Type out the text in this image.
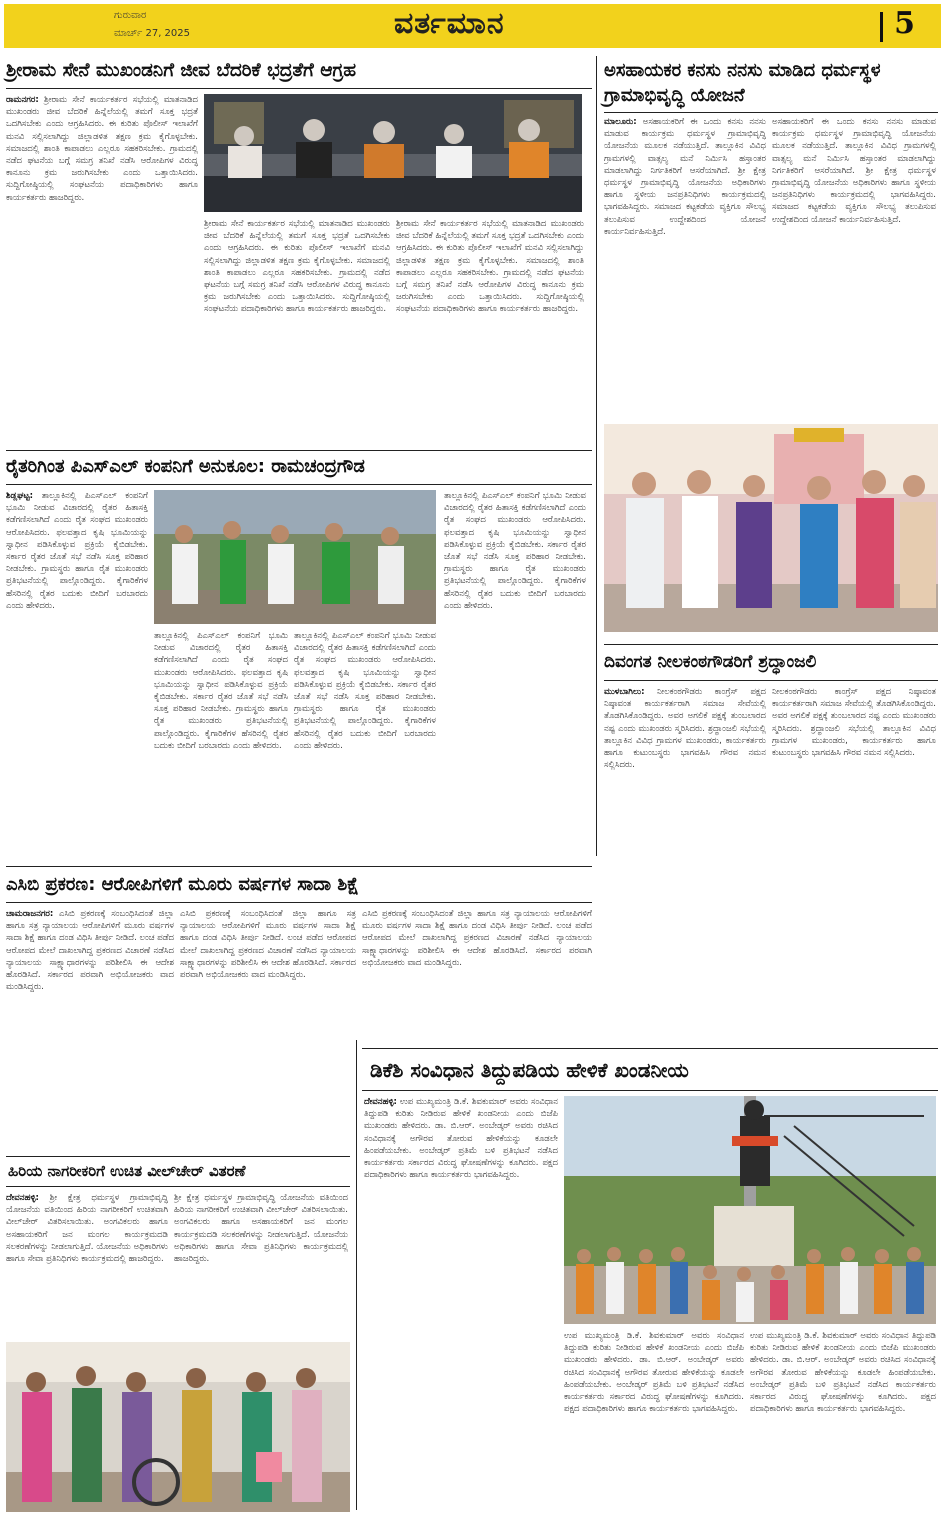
ಗುರುವಾರ
ಮಾರ್ಚ್ 27, 2025	ವರ್ತಮಾನ	5
ಶ್ರೀರಾಮ ಸೇನೆ ಮುಖಂಡನಿಗೆ ಜೀವ ಬೆದರಿಕೆ ಭದ್ರತೆಗೆ ಆಗ್ರಹ
ರಾಮನಗರ: ಶ್ರೀರಾಮ ಸೇನೆ ಕಾರ್ಯಕರ್ತರ ಸಭೆಯಲ್ಲಿ ಮಾತನಾಡಿದ ಮುಖಂಡರು ಜೀವ ಬೆದರಿಕೆ ಹಿನ್ನೆಲೆಯಲ್ಲಿ ತಮಗೆ ಸೂಕ್ತ ಭದ್ರತೆ ಒದಗಿಸಬೇಕು ಎಂದು ಆಗ್ರಹಿಸಿದರು. ಈ ಕುರಿತು ಪೊಲೀಸ್ ಇಲಾಖೆಗೆ ಮನವಿ ಸಲ್ಲಿಸಲಾಗಿದ್ದು ಜಿಲ್ಲಾಡಳಿತ ತಕ್ಷಣ ಕ್ರಮ ಕೈಗೊಳ್ಳಬೇಕು. ಸಮಾಜದಲ್ಲಿ ಶಾಂತಿ ಕಾಪಾಡಲು ಎಲ್ಲರೂ ಸಹಕರಿಸಬೇಕು. ಗ್ರಾಮದಲ್ಲಿ ನಡೆದ ಘಟನೆಯ ಬಗ್ಗೆ ಸಮಗ್ರ ತನಿಖೆ ನಡೆಸಿ ಆರೋಪಿಗಳ ವಿರುದ್ಧ ಕಾನೂನು ಕ್ರಮ ಜರುಗಿಸಬೇಕು ಎಂದು ಒತ್ತಾಯಿಸಿದರು. ಸುದ್ದಿಗೋಷ್ಠಿಯಲ್ಲಿ ಸಂಘಟನೆಯ ಪದಾಧಿಕಾರಿಗಳು ಹಾಗೂ ಕಾರ್ಯಕರ್ತರು ಹಾಜರಿದ್ದರು.
ಶ್ರೀರಾಮ ಸೇನೆ ಕಾರ್ಯಕರ್ತರ ಸಭೆಯಲ್ಲಿ ಮಾತನಾಡಿದ ಮುಖಂಡರು ಜೀವ ಬೆದರಿಕೆ ಹಿನ್ನೆಲೆಯಲ್ಲಿ ತಮಗೆ ಸೂಕ್ತ ಭದ್ರತೆ ಒದಗಿಸಬೇಕು ಎಂದು ಆಗ್ರಹಿಸಿದರು. ಈ ಕುರಿತು ಪೊಲೀಸ್ ಇಲಾಖೆಗೆ ಮನವಿ ಸಲ್ಲಿಸಲಾಗಿದ್ದು ಜಿಲ್ಲಾಡಳಿತ ತಕ್ಷಣ ಕ್ರಮ ಕೈಗೊಳ್ಳಬೇಕು. ಸಮಾಜದಲ್ಲಿ ಶಾಂತಿ ಕಾಪಾಡಲು ಎಲ್ಲರೂ ಸಹಕರಿಸಬೇಕು. ಗ್ರಾಮದಲ್ಲಿ ನಡೆದ ಘಟನೆಯ ಬಗ್ಗೆ ಸಮಗ್ರ ತನಿಖೆ ನಡೆಸಿ ಆರೋಪಿಗಳ ವಿರುದ್ಧ ಕಾನೂನು ಕ್ರಮ ಜರುಗಿಸಬೇಕು ಎಂದು ಒತ್ತಾಯಿಸಿದರು. ಸುದ್ದಿಗೋಷ್ಠಿಯಲ್ಲಿ ಸಂಘಟನೆಯ ಪದಾಧಿಕಾರಿಗಳು ಹಾಗೂ ಕಾರ್ಯಕರ್ತರು ಹಾಜರಿದ್ದರು.
ಶ್ರೀರಾಮ ಸೇನೆ ಕಾರ್ಯಕರ್ತರ ಸಭೆಯಲ್ಲಿ ಮಾತನಾಡಿದ ಮುಖಂಡರು ಜೀವ ಬೆದರಿಕೆ ಹಿನ್ನೆಲೆಯಲ್ಲಿ ತಮಗೆ ಸೂಕ್ತ ಭದ್ರತೆ ಒದಗಿಸಬೇಕು ಎಂದು ಆಗ್ರಹಿಸಿದರು. ಈ ಕುರಿತು ಪೊಲೀಸ್ ಇಲಾಖೆಗೆ ಮನವಿ ಸಲ್ಲಿಸಲಾಗಿದ್ದು ಜಿಲ್ಲಾಡಳಿತ ತಕ್ಷಣ ಕ್ರಮ ಕೈಗೊಳ್ಳಬೇಕು. ಸಮಾಜದಲ್ಲಿ ಶಾಂತಿ ಕಾಪಾಡಲು ಎಲ್ಲರೂ ಸಹಕರಿಸಬೇಕು. ಗ್ರಾಮದಲ್ಲಿ ನಡೆದ ಘಟನೆಯ ಬಗ್ಗೆ ಸಮಗ್ರ ತನಿಖೆ ನಡೆಸಿ ಆರೋಪಿಗಳ ವಿರುದ್ಧ ಕಾನೂನು ಕ್ರಮ ಜರುಗಿಸಬೇಕು ಎಂದು ಒತ್ತಾಯಿಸಿದರು. ಸುದ್ದಿಗೋಷ್ಠಿಯಲ್ಲಿ ಸಂಘಟನೆಯ ಪದಾಧಿಕಾರಿಗಳು ಹಾಗೂ ಕಾರ್ಯಕರ್ತರು ಹಾಜರಿದ್ದರು.
ಅಸಹಾಯಕರ ಕನಸು ನನಸು ಮಾಡಿದ ಧರ್ಮಸ್ಥಳ ಗ್ರಾಮಾಭಿವೃದ್ಧಿ ಯೋಜನೆ
ಮಾಲೂರು: ಅಸಹಾಯಕರಿಗೆ ಈ ಒಂದು ಕನಸು ನನಸು ಮಾಡುವ ಕಾರ್ಯಕ್ರಮ ಧರ್ಮಸ್ಥಳ ಗ್ರಾಮಾಭಿವೃದ್ಧಿ ಯೋಜನೆಯ ಮೂಲಕ ನಡೆಯುತ್ತಿದೆ. ತಾಲ್ಲೂಕಿನ ವಿವಿಧ ಗ್ರಾಮಗಳಲ್ಲಿ ವಾತ್ಸಲ್ಯ ಮನೆ ನಿರ್ಮಿಸಿ ಹಸ್ತಾಂತರ ಮಾಡಲಾಗಿದ್ದು ನಿರ್ಗತಿಕರಿಗೆ ಆಸರೆಯಾಗಿದೆ. ಶ್ರೀ ಕ್ಷೇತ್ರ ಧರ್ಮಸ್ಥಳ ಗ್ರಾಮಾಭಿವೃದ್ಧಿ ಯೋಜನೆಯ ಅಧಿಕಾರಿಗಳು ಹಾಗೂ ಸ್ಥಳೀಯ ಜನಪ್ರತಿನಿಧಿಗಳು ಕಾರ್ಯಕ್ರಮದಲ್ಲಿ ಭಾಗವಹಿಸಿದ್ದರು. ಸಮಾಜದ ಕಟ್ಟಕಡೆಯ ವ್ಯಕ್ತಿಗೂ ಸೌಲಭ್ಯ ತಲುಪಿಸುವ ಉದ್ದೇಶದಿಂದ ಯೋಜನೆ ಕಾರ್ಯನಿರ್ವಹಿಸುತ್ತಿದೆ.
ಅಸಹಾಯಕರಿಗೆ ಈ ಒಂದು ಕನಸು ನನಸು ಮಾಡುವ ಕಾರ್ಯಕ್ರಮ ಧರ್ಮಸ್ಥಳ ಗ್ರಾಮಾಭಿವೃದ್ಧಿ ಯೋಜನೆಯ ಮೂಲಕ ನಡೆಯುತ್ತಿದೆ. ತಾಲ್ಲೂಕಿನ ವಿವಿಧ ಗ್ರಾಮಗಳಲ್ಲಿ ವಾತ್ಸಲ್ಯ ಮನೆ ನಿರ್ಮಿಸಿ ಹಸ್ತಾಂತರ ಮಾಡಲಾಗಿದ್ದು ನಿರ್ಗತಿಕರಿಗೆ ಆಸರೆಯಾಗಿದೆ. ಶ್ರೀ ಕ್ಷೇತ್ರ ಧರ್ಮಸ್ಥಳ ಗ್ರಾಮಾಭಿವೃದ್ಧಿ ಯೋಜನೆಯ ಅಧಿಕಾರಿಗಳು ಹಾಗೂ ಸ್ಥಳೀಯ ಜನಪ್ರತಿನಿಧಿಗಳು ಕಾರ್ಯಕ್ರಮದಲ್ಲಿ ಭಾಗವಹಿಸಿದ್ದರು. ಸಮಾಜದ ಕಟ್ಟಕಡೆಯ ವ್ಯಕ್ತಿಗೂ ಸೌಲಭ್ಯ ತಲುಪಿಸುವ ಉದ್ದೇಶದಿಂದ ಯೋಜನೆ ಕಾರ್ಯನಿರ್ವಹಿಸುತ್ತಿದೆ.
ರೈತರಿಗಿಂತ ಪಿಎಸ್ಎಲ್ ಕಂಪನಿಗೆ ಅನುಕೂಲ: ರಾಮಚಂದ್ರಗೌಡ
ಶಿಡ್ಲಘಟ್ಟ: ತಾಲ್ಲೂಕಿನಲ್ಲಿ ಪಿಎಸ್ಎಲ್ ಕಂಪನಿಗೆ ಭೂಮಿ ನೀಡುವ ವಿಚಾರದಲ್ಲಿ ರೈತರ ಹಿತಾಸಕ್ತಿ ಕಡೆಗಣಿಸಲಾಗಿದೆ ಎಂದು ರೈತ ಸಂಘದ ಮುಖಂಡರು ಆರೋಪಿಸಿದರು. ಫಲವತ್ತಾದ ಕೃಷಿ ಭೂಮಿಯನ್ನು ಸ್ವಾಧೀನ ಪಡಿಸಿಕೊಳ್ಳುವ ಪ್ರಕ್ರಿಯೆ ಕೈಬಿಡಬೇಕು. ಸರ್ಕಾರ ರೈತರ ಜೊತೆ ಸಭೆ ನಡೆಸಿ ಸೂಕ್ತ ಪರಿಹಾರ ನೀಡಬೇಕು. ಗ್ರಾಮಸ್ಥರು ಹಾಗೂ ರೈತ ಮುಖಂಡರು ಪ್ರತಿಭಟನೆಯಲ್ಲಿ ಪಾಲ್ಗೊಂಡಿದ್ದರು. ಕೈಗಾರಿಕೆಗಳ ಹೆಸರಿನಲ್ಲಿ ರೈತರ ಬದುಕು ಬೀದಿಗೆ ಬರಬಾರದು ಎಂದು ಹೇಳಿದರು.
ತಾಲ್ಲೂಕಿನಲ್ಲಿ ಪಿಎಸ್ಎಲ್ ಕಂಪನಿಗೆ ಭೂಮಿ ನೀಡುವ ವಿಚಾರದಲ್ಲಿ ರೈತರ ಹಿತಾಸಕ್ತಿ ಕಡೆಗಣಿಸಲಾಗಿದೆ ಎಂದು ರೈತ ಸಂಘದ ಮುಖಂಡರು ಆರೋಪಿಸಿದರು. ಫಲವತ್ತಾದ ಕೃಷಿ ಭೂಮಿಯನ್ನು ಸ್ವಾಧೀನ ಪಡಿಸಿಕೊಳ್ಳುವ ಪ್ರಕ್ರಿಯೆ ಕೈಬಿಡಬೇಕು. ಸರ್ಕಾರ ರೈತರ ಜೊತೆ ಸಭೆ ನಡೆಸಿ ಸೂಕ್ತ ಪರಿಹಾರ ನೀಡಬೇಕು. ಗ್ರಾಮಸ್ಥರು ಹಾಗೂ ರೈತ ಮುಖಂಡರು ಪ್ರತಿಭಟನೆಯಲ್ಲಿ ಪಾಲ್ಗೊಂಡಿದ್ದರು. ಕೈಗಾರಿಕೆಗಳ ಹೆಸರಿನಲ್ಲಿ ರೈತರ ಬದುಕು ಬೀದಿಗೆ ಬರಬಾರದು ಎಂದು ಹೇಳಿದರು.
ತಾಲ್ಲೂಕಿನಲ್ಲಿ ಪಿಎಸ್ಎಲ್ ಕಂಪನಿಗೆ ಭೂಮಿ ನೀಡುವ ವಿಚಾರದಲ್ಲಿ ರೈತರ ಹಿತಾಸಕ್ತಿ ಕಡೆಗಣಿಸಲಾಗಿದೆ ಎಂದು ರೈತ ಸಂಘದ ಮುಖಂಡರು ಆರೋಪಿಸಿದರು. ಫಲವತ್ತಾದ ಕೃಷಿ ಭೂಮಿಯನ್ನು ಸ್ವಾಧೀನ ಪಡಿಸಿಕೊಳ್ಳುವ ಪ್ರಕ್ರಿಯೆ ಕೈಬಿಡಬೇಕು. ಸರ್ಕಾರ ರೈತರ ಜೊತೆ ಸಭೆ ನಡೆಸಿ ಸೂಕ್ತ ಪರಿಹಾರ ನೀಡಬೇಕು. ಗ್ರಾಮಸ್ಥರು ಹಾಗೂ ರೈತ ಮುಖಂಡರು ಪ್ರತಿಭಟನೆಯಲ್ಲಿ ಪಾಲ್ಗೊಂಡಿದ್ದರು. ಕೈಗಾರಿಕೆಗಳ ಹೆಸರಿನಲ್ಲಿ ರೈತರ ಬದುಕು ಬೀದಿಗೆ ಬರಬಾರದು ಎಂದು ಹೇಳಿದರು.
ತಾಲ್ಲೂಕಿನಲ್ಲಿ ಪಿಎಸ್ಎಲ್ ಕಂಪನಿಗೆ ಭೂಮಿ ನೀಡುವ ವಿಚಾರದಲ್ಲಿ ರೈತರ ಹಿತಾಸಕ್ತಿ ಕಡೆಗಣಿಸಲಾಗಿದೆ ಎಂದು ರೈತ ಸಂಘದ ಮುಖಂಡರು ಆರೋಪಿಸಿದರು. ಫಲವತ್ತಾದ ಕೃಷಿ ಭೂಮಿಯನ್ನು ಸ್ವಾಧೀನ ಪಡಿಸಿಕೊಳ್ಳುವ ಪ್ರಕ್ರಿಯೆ ಕೈಬಿಡಬೇಕು. ಸರ್ಕಾರ ರೈತರ ಜೊತೆ ಸಭೆ ನಡೆಸಿ ಸೂಕ್ತ ಪರಿಹಾರ ನೀಡಬೇಕು. ಗ್ರಾಮಸ್ಥರು ಹಾಗೂ ರೈತ ಮುಖಂಡರು ಪ್ರತಿಭಟನೆಯಲ್ಲಿ ಪಾಲ್ಗೊಂಡಿದ್ದರು. ಕೈಗಾರಿಕೆಗಳ ಹೆಸರಿನಲ್ಲಿ ರೈತರ ಬದುಕು ಬೀದಿಗೆ ಬರಬಾರದು ಎಂದು ಹೇಳಿದರು.
ದಿವಂಗತ ನೀಲಕಂಠಗೌಡರಿಗೆ ಶ್ರದ್ಧಾಂಜಲಿ
ಮುಳಬಾಗಿಲು: ನೀಲಕಂಠಗೌಡರು ಕಾಂಗ್ರೆಸ್ ಪಕ್ಷದ ನಿಷ್ಠಾವಂತ ಕಾರ್ಯಕರ್ತರಾಗಿ ಸಮಾಜ ಸೇವೆಯಲ್ಲಿ ತೊಡಗಿಸಿಕೊಂಡಿದ್ದರು. ಅವರ ಅಗಲಿಕೆ ಪಕ್ಷಕ್ಕೆ ತುಂಬಲಾರದ ನಷ್ಟ ಎಂದು ಮುಖಂಡರು ಸ್ಮರಿಸಿದರು. ಶ್ರದ್ಧಾಂಜಲಿ ಸಭೆಯಲ್ಲಿ ತಾಲ್ಲೂಕಿನ ವಿವಿಧ ಗ್ರಾಮಗಳ ಮುಖಂಡರು, ಕಾರ್ಯಕರ್ತರು ಹಾಗೂ ಕುಟುಂಬಸ್ಥರು ಭಾಗವಹಿಸಿ ಗೌರವ ನಮನ ಸಲ್ಲಿಸಿದರು.
ನೀಲಕಂಠಗೌಡರು ಕಾಂಗ್ರೆಸ್ ಪಕ್ಷದ ನಿಷ್ಠಾವಂತ ಕಾರ್ಯಕರ್ತರಾಗಿ ಸಮಾಜ ಸೇವೆಯಲ್ಲಿ ತೊಡಗಿಸಿಕೊಂಡಿದ್ದರು. ಅವರ ಅಗಲಿಕೆ ಪಕ್ಷಕ್ಕೆ ತುಂಬಲಾರದ ನಷ್ಟ ಎಂದು ಮುಖಂಡರು ಸ್ಮರಿಸಿದರು. ಶ್ರದ್ಧಾಂಜಲಿ ಸಭೆಯಲ್ಲಿ ತಾಲ್ಲೂಕಿನ ವಿವಿಧ ಗ್ರಾಮಗಳ ಮುಖಂಡರು, ಕಾರ್ಯಕರ್ತರು ಹಾಗೂ ಕುಟುಂಬಸ್ಥರು ಭಾಗವಹಿಸಿ ಗೌರವ ನಮನ ಸಲ್ಲಿಸಿದರು.
ಎಸಿಬಿ ಪ್ರಕರಣ: ಆರೋಪಿಗಳಿಗೆ ಮೂರು ವರ್ಷಗಳ ಸಾದಾ ಶಿಕ್ಷೆ
ಚಾಮರಾಜನಗರ: ಎಸಿಬಿ ಪ್ರಕರಣಕ್ಕೆ ಸಂಬಂಧಿಸಿದಂತೆ ಜಿಲ್ಲಾ ಹಾಗೂ ಸತ್ರ ನ್ಯಾಯಾಲಯ ಆರೋಪಿಗಳಿಗೆ ಮೂರು ವರ್ಷಗಳ ಸಾದಾ ಶಿಕ್ಷೆ ಹಾಗೂ ದಂಡ ವಿಧಿಸಿ ತೀರ್ಪು ನೀಡಿದೆ. ಲಂಚ ಪಡೆದ ಆರೋಪದ ಮೇಲೆ ದಾಖಲಾಗಿದ್ದ ಪ್ರಕರಣದ ವಿಚಾರಣೆ ನಡೆಸಿದ ನ್ಯಾಯಾಲಯ ಸಾಕ್ಷ್ಯಾಧಾರಗಳನ್ನು ಪರಿಶೀಲಿಸಿ ಈ ಆದೇಶ ಹೊರಡಿಸಿದೆ. ಸರ್ಕಾರದ ಪರವಾಗಿ ಅಭಿಯೋಜಕರು ವಾದ ಮಂಡಿಸಿದ್ದರು.
ಎಸಿಬಿ ಪ್ರಕರಣಕ್ಕೆ ಸಂಬಂಧಿಸಿದಂತೆ ಜಿಲ್ಲಾ ಹಾಗೂ ಸತ್ರ ನ್ಯಾಯಾಲಯ ಆರೋಪಿಗಳಿಗೆ ಮೂರು ವರ್ಷಗಳ ಸಾದಾ ಶಿಕ್ಷೆ ಹಾಗೂ ದಂಡ ವಿಧಿಸಿ ತೀರ್ಪು ನೀಡಿದೆ. ಲಂಚ ಪಡೆದ ಆರೋಪದ ಮೇಲೆ ದಾಖಲಾಗಿದ್ದ ಪ್ರಕರಣದ ವಿಚಾರಣೆ ನಡೆಸಿದ ನ್ಯಾಯಾಲಯ ಸಾಕ್ಷ್ಯಾಧಾರಗಳನ್ನು ಪರಿಶೀಲಿಸಿ ಈ ಆದೇಶ ಹೊರಡಿಸಿದೆ. ಸರ್ಕಾರದ ಪರವಾಗಿ ಅಭಿಯೋಜಕರು ವಾದ ಮಂಡಿಸಿದ್ದರು.
ಎಸಿಬಿ ಪ್ರಕರಣಕ್ಕೆ ಸಂಬಂಧಿಸಿದಂತೆ ಜಿಲ್ಲಾ ಹಾಗೂ ಸತ್ರ ನ್ಯಾಯಾಲಯ ಆರೋಪಿಗಳಿಗೆ ಮೂರು ವರ್ಷಗಳ ಸಾದಾ ಶಿಕ್ಷೆ ಹಾಗೂ ದಂಡ ವಿಧಿಸಿ ತೀರ್ಪು ನೀಡಿದೆ. ಲಂಚ ಪಡೆದ ಆರೋಪದ ಮೇಲೆ ದಾಖಲಾಗಿದ್ದ ಪ್ರಕರಣದ ವಿಚಾರಣೆ ನಡೆಸಿದ ನ್ಯಾಯಾಲಯ ಸಾಕ್ಷ್ಯಾಧಾರಗಳನ್ನು ಪರಿಶೀಲಿಸಿ ಈ ಆದೇಶ ಹೊರಡಿಸಿದೆ. ಸರ್ಕಾರದ ಪರವಾಗಿ ಅಭಿಯೋಜಕರು ವಾದ ಮಂಡಿಸಿದ್ದರು.
ಡಿಕೆಶಿ ಸಂವಿಧಾನ ತಿದ್ದುಪಡಿಯ ಹೇಳಿಕೆ ಖಂಡನೀಯ
ದೇವನಹಳ್ಳಿ: ಉಪ ಮುಖ್ಯಮಂತ್ರಿ ಡಿ.ಕೆ. ಶಿವಕುಮಾರ್ ಅವರು ಸಂವಿಧಾನ ತಿದ್ದುಪಡಿ ಕುರಿತು ನೀಡಿರುವ ಹೇಳಿಕೆ ಖಂಡನೀಯ ಎಂದು ಬಿಜೆಪಿ ಮುಖಂಡರು ಹೇಳಿದರು. ಡಾ. ಬಿ.ಆರ್. ಅಂಬೇಡ್ಕರ್ ಅವರು ರಚಿಸಿದ ಸಂವಿಧಾನಕ್ಕೆ ಅಗೌರವ ತೋರುವ ಹೇಳಿಕೆಯನ್ನು ಕೂಡಲೇ ಹಿಂಪಡೆಯಬೇಕು. ಅಂಬೇಡ್ಕರ್ ಪ್ರತಿಮೆ ಬಳಿ ಪ್ರತಿಭಟನೆ ನಡೆಸಿದ ಕಾರ್ಯಕರ್ತರು ಸರ್ಕಾರದ ವಿರುದ್ಧ ಘೋಷಣೆಗಳನ್ನು ಕೂಗಿದರು. ಪಕ್ಷದ ಪದಾಧಿಕಾರಿಗಳು ಹಾಗೂ ಕಾರ್ಯಕರ್ತರು ಭಾಗವಹಿಸಿದ್ದರು.
ಉಪ ಮುಖ್ಯಮಂತ್ರಿ ಡಿ.ಕೆ. ಶಿವಕುಮಾರ್ ಅವರು ಸಂವಿಧಾನ ತಿದ್ದುಪಡಿ ಕುರಿತು ನೀಡಿರುವ ಹೇಳಿಕೆ ಖಂಡನೀಯ ಎಂದು ಬಿಜೆಪಿ ಮುಖಂಡರು ಹೇಳಿದರು. ಡಾ. ಬಿ.ಆರ್. ಅಂಬೇಡ್ಕರ್ ಅವರು ರಚಿಸಿದ ಸಂವಿಧಾನಕ್ಕೆ ಅಗೌರವ ತೋರುವ ಹೇಳಿಕೆಯನ್ನು ಕೂಡಲೇ ಹಿಂಪಡೆಯಬೇಕು. ಅಂಬೇಡ್ಕರ್ ಪ್ರತಿಮೆ ಬಳಿ ಪ್ರತಿಭಟನೆ ನಡೆಸಿದ ಕಾರ್ಯಕರ್ತರು ಸರ್ಕಾರದ ವಿರುದ್ಧ ಘೋಷಣೆಗಳನ್ನು ಕೂಗಿದರು. ಪಕ್ಷದ ಪದಾಧಿಕಾರಿಗಳು ಹಾಗೂ ಕಾರ್ಯಕರ್ತರು ಭಾಗವಹಿಸಿದ್ದರು.
ಉಪ ಮುಖ್ಯಮಂತ್ರಿ ಡಿ.ಕೆ. ಶಿವಕುಮಾರ್ ಅವರು ಸಂವಿಧಾನ ತಿದ್ದುಪಡಿ ಕುರಿತು ನೀಡಿರುವ ಹೇಳಿಕೆ ಖಂಡನೀಯ ಎಂದು ಬಿಜೆಪಿ ಮುಖಂಡರು ಹೇಳಿದರು. ಡಾ. ಬಿ.ಆರ್. ಅಂಬೇಡ್ಕರ್ ಅವರು ರಚಿಸಿದ ಸಂವಿಧಾನಕ್ಕೆ ಅಗೌರವ ತೋರುವ ಹೇಳಿಕೆಯನ್ನು ಕೂಡಲೇ ಹಿಂಪಡೆಯಬೇಕು. ಅಂಬೇಡ್ಕರ್ ಪ್ರತಿಮೆ ಬಳಿ ಪ್ರತಿಭಟನೆ ನಡೆಸಿದ ಕಾರ್ಯಕರ್ತರು ಸರ್ಕಾರದ ವಿರುದ್ಧ ಘೋಷಣೆಗಳನ್ನು ಕೂಗಿದರು. ಪಕ್ಷದ ಪದಾಧಿಕಾರಿಗಳು ಹಾಗೂ ಕಾರ್ಯಕರ್ತರು ಭಾಗವಹಿಸಿದ್ದರು.
ಹಿರಿಯ ನಾಗರೀಕರಿಗೆ ಉಚಿತ ವೀಲ್‌ಚೇರ್ ವಿತರಣೆ
ದೇವನಹಳ್ಳಿ: ಶ್ರೀ ಕ್ಷೇತ್ರ ಧರ್ಮಸ್ಥಳ ಗ್ರಾಮಾಭಿವೃದ್ಧಿ ಯೋಜನೆಯ ವತಿಯಿಂದ ಹಿರಿಯ ನಾಗರೀಕರಿಗೆ ಉಚಿತವಾಗಿ ವೀಲ್‌ಚೇರ್ ವಿತರಿಸಲಾಯಿತು. ಅಂಗವಿಕಲರು ಹಾಗೂ ಅಸಹಾಯಕರಿಗೆ ಜನ ಮಂಗಲ ಕಾರ್ಯಕ್ರಮದಡಿ ಸಲಕರಣೆಗಳನ್ನು ನೀಡಲಾಗುತ್ತಿದೆ. ಯೋಜನೆಯ ಅಧಿಕಾರಿಗಳು ಹಾಗೂ ಸೇವಾ ಪ್ರತಿನಿಧಿಗಳು ಕಾರ್ಯಕ್ರಮದಲ್ಲಿ ಹಾಜರಿದ್ದರು.
ಶ್ರೀ ಕ್ಷೇತ್ರ ಧರ್ಮಸ್ಥಳ ಗ್ರಾಮಾಭಿವೃದ್ಧಿ ಯೋಜನೆಯ ವತಿಯಿಂದ ಹಿರಿಯ ನಾಗರೀಕರಿಗೆ ಉಚಿತವಾಗಿ ವೀಲ್‌ಚೇರ್ ವಿತರಿಸಲಾಯಿತು. ಅಂಗವಿಕಲರು ಹಾಗೂ ಅಸಹಾಯಕರಿಗೆ ಜನ ಮಂಗಲ ಕಾರ್ಯಕ್ರಮದಡಿ ಸಲಕರಣೆಗಳನ್ನು ನೀಡಲಾಗುತ್ತಿದೆ. ಯೋಜನೆಯ ಅಧಿಕಾರಿಗಳು ಹಾಗೂ ಸೇವಾ ಪ್ರತಿನಿಧಿಗಳು ಕಾರ್ಯಕ್ರಮದಲ್ಲಿ ಹಾಜರಿದ್ದರು.
